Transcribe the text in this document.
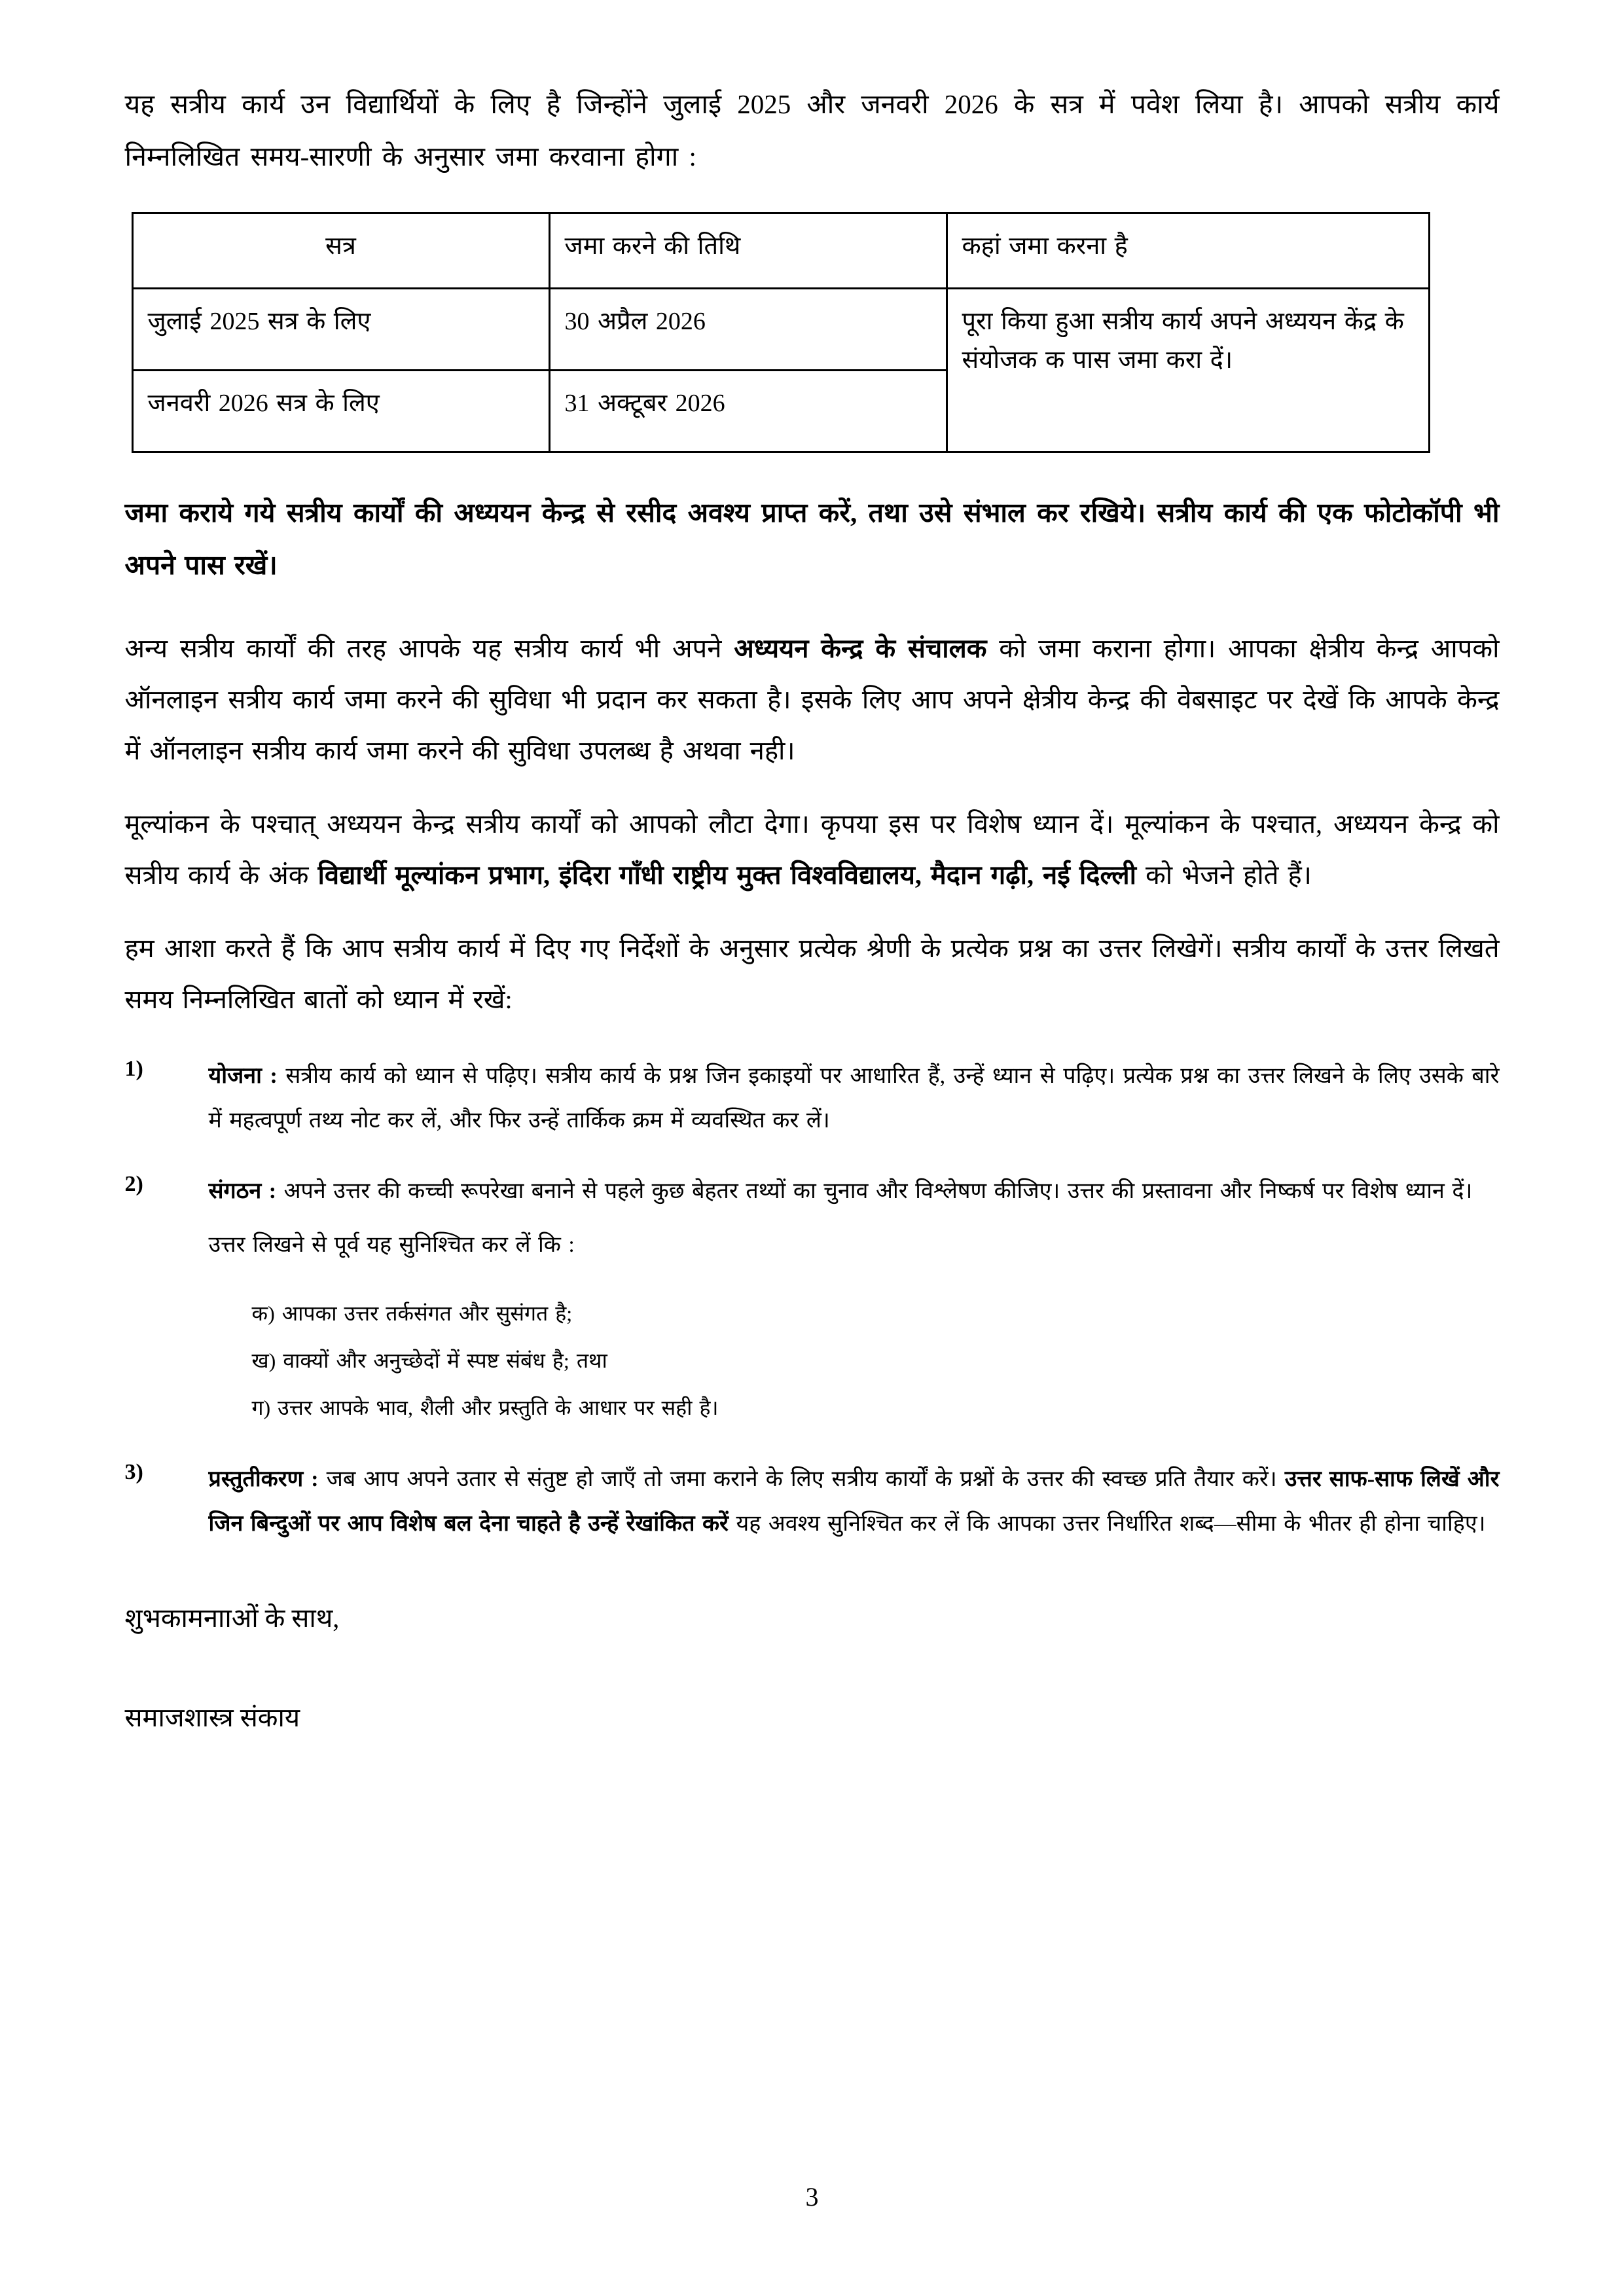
यह सत्रीय कार्य उन विद्यार्थियों के लिए है जिन्होंने जुलाई 2025 और जनवरी 2026 के सत्र में पवेश लिया है। आपको सत्रीय कार्य निम्नलिखित समय-सारणी के अनुसार जमा करवाना होगा :

सत्र	जमा करने की तिथि	कहां जमा करना है
जुलाई 2025 सत्र के लिए	30 अप्रैल 2026	पूरा किया हुआ सत्रीय कार्य अपने अध्ययन केंद्र के संयोजक क पास जमा करा दें।
जनवरी 2026 सत्र के लिए	31 अक्टूबर 2026	

जमा कराये गये सत्रीय कार्याें की अध्ययन केन्द्र से रसीद अवश्य प्राप्त करें, तथा उसे संभाल कर रखिये। सत्रीय कार्य की एक फोटोकॉपी भी अपने पास रखें।

अन्य सत्रीय कार्यों की तरह आपके यह सत्रीय कार्य भी अपने अध्ययन केन्द्र के संचालक को जमा कराना होगा। आपका क्षेत्रीय केन्द्र आपको ऑनलाइन सत्रीय कार्य जमा करने की सुविधा भी प्रदान कर सकता है। इसके लिए आप अपने क्षेत्रीय केन्द्र की वेबसाइट पर देखें कि आपके केन्द्र में ऑनलाइन सत्रीय कार्य जमा करने की सुविधा उपलब्ध है अथवा नही।

मूल्यांकन के पश्चात् अध्ययन केन्द्र सत्रीय कार्यों को आपको लौटा देगा। कृपया इस पर विशेष ध्यान दें। मूल्यांकन के पश्चात, अध्ययन केन्द्र को सत्रीय कार्य के अंक विद्यार्थी मूल्यांकन प्रभाग, इंदिरा गाँधी राष्ट्रीय मुक्त विश्वविद्यालय, मैदान गढ़ी, नई दिल्ली को भेजने होते हैं।

हम आशा करते हैं कि आप सत्रीय कार्य में दिए गए निर्देशों के अनुसार प्रत्येक श्रेणी के प्रत्येक प्रश्न का उत्तर लिखेगें। सत्रीय कार्यों के उत्तर लिखते समय निम्नलिखित बातों को ध्यान में रखें:

1)	योजना : सत्रीय कार्य को ध्यान से पढ़िए। सत्रीय कार्य के प्रश्न जिन इकाइयों पर आधारित हैं, उन्हें ध्यान से पढ़िए। प्रत्येक प्रश्न का उत्तर लिखने के लिए उसके बारे में महत्वपूर्ण तथ्य नोट कर लें, और फिर उन्हें तार्किक क्रम में व्यवस्थित कर लें।
2)	संगठन : अपने उत्तर की कच्ची रूपरेखा बनाने से पहले कुछ बेहतर तथ्यों का चुनाव और विश्लेषण कीजिए। उत्तर की प्रस्तावना और निष्कर्ष पर विशेष ध्यान दें।
उत्तर लिखने से पूर्व यह सुनिश्चित कर लें कि :
क) आपका उत्तर तर्कसंगत और सुसंगत है;
ख) वाक्यों और अनुच्छेदों में स्पष्ट संबंध है; तथा
ग) उत्तर आपके भाव, शैली और प्रस्तुति के आधार पर सही है।
3)	प्रस्तुतीकरण : जब आप अपने उतार से संतुष्ट हो जाएँ तो जमा कराने के लिए सत्रीय कार्यों के प्रश्नों के उत्तर की स्वच्छ प्रति तैयार करें। उत्तर साफ-साफ लिखें और जिन बिन्दुओं पर आप विशेष बल देना चाहते है उन्हें रेखांकित करें यह अवश्य सुनिश्चित कर लें कि आपका उत्तर निर्धारित शब्द—सीमा के भीतर ही होना चाहिए।
शुभकामनााओं के साथ,
समाजशास्त्र संकाय
3
